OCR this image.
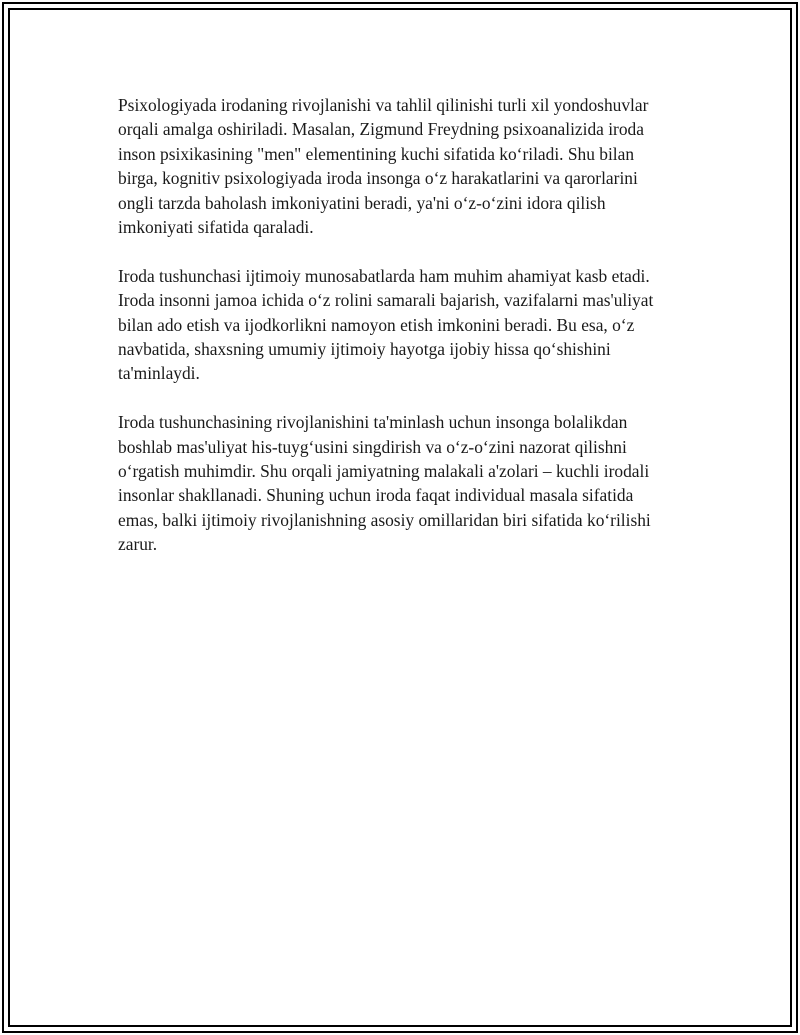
Psixologiyada irodaning rivojlanishi va tahlil qilinishi turli xil yondoshuvlar
orqali amalga oshiriladi. Masalan, Zigmund Freydning psixoanalizida iroda
inson psixikasining "men" elementining kuchi sifatida koʻriladi. Shu bilan
birga, kognitiv psixologiyada iroda insonga oʻz harakatlarini va qarorlarini
ongli tarzda baholash imkoniyatini beradi, ya'ni oʻz-oʻzini idora qilish
imkoniyati sifatida qaraladi.

Iroda tushunchasi ijtimoiy munosabatlarda ham muhim ahamiyat kasb etadi.
Iroda insonni jamoa ichida oʻz rolini samarali bajarish, vazifalarni mas'uliyat
bilan ado etish va ijodkorlikni namoyon etish imkonini beradi. Bu esa, oʻz
navbatida, shaxsning umumiy ijtimoiy hayotga ijobiy hissa qoʻshishini
ta'minlaydi.

Iroda tushunchasining rivojlanishini ta'minlash uchun insonga bolalikdan
boshlab mas'uliyat his-tuygʻusini singdirish va oʻz-oʻzini nazorat qilishni
oʻrgatish muhimdir. Shu orqali jamiyatning malakali a'zolari – kuchli irodali
insonlar shakllanadi. Shuning uchun iroda faqat individual masala sifatida
emas, balki ijtimoiy rivojlanishning asosiy omillaridan biri sifatida koʻrilishi
zarur.
